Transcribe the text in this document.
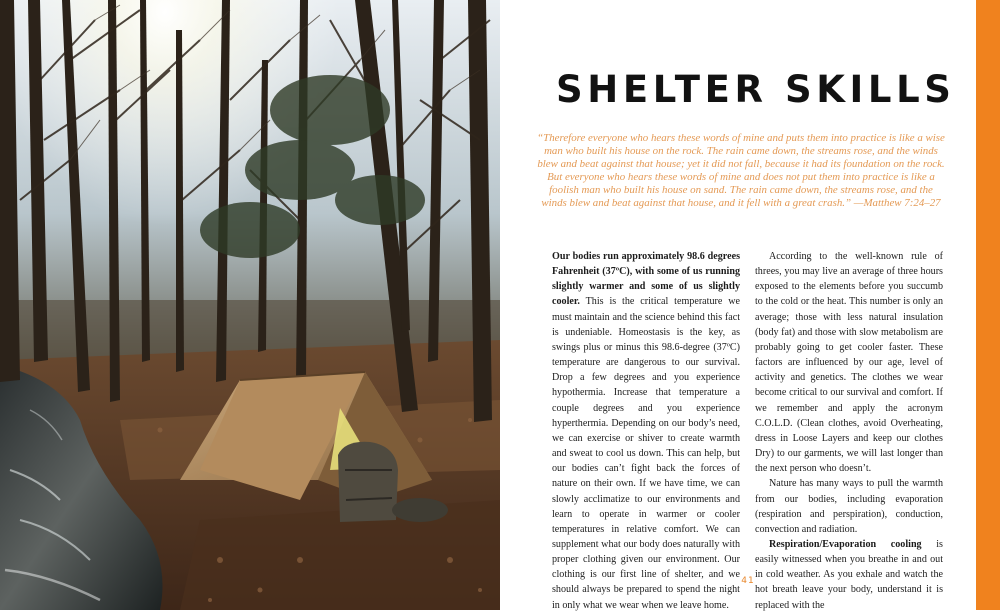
SHELTER SKILLS

“Therefore everyone who hears these words of mine and puts them into practice is like a wise man who built his house on the rock. The rain came down, the streams rose, and the winds blew and beat against that house; yet it did not fall, because it had its foundation on the rock. But everyone who hears these words of mine and does not put them into practice is like a foolish man who built his house on sand. The rain came down, the streams rose, and the winds blew and beat against that house, and it fell with a great crash.” —Matthew 7:24–27

Our bodies run approximately 98.6 degrees Fahrenheit (37ºC), with some of us running slightly warmer and some of us slightly cooler. This is the critical temperature we must maintain and the science behind this fact is undeniable. Homeostasis is the key, as swings plus or minus this 98.6-degree (37ºC) temperature are dangerous to our survival. Drop a few degrees and you experience hypothermia. Increase that temperature a couple degrees and you experience hyperthermia. Depending on our body’s need, we can exercise or shiver to create warmth and sweat to cool us down. This can help, but our bodies can’t fight back the forces of nature on their own. If we have time, we can slowly acclimatize to our environments and learn to operate in warmer or cooler temperatures in relative comfort. We can supplement what our body does naturally with proper clothing given our environment. Our clothing is our first line of shelter, and we should always be prepared to spend the night in only what we wear when we leave home.

According to the well-known rule of threes, you may live an average of three hours exposed to the elements before you succumb to the cold or the heat. This number is only an average; those with less natural insulation (body fat) and those with slow metabolism are probably going to get cooler faster. These factors are influenced by our age, level of activity and genetics. The clothes we wear become critical to our survival and comfort. If we remember and apply the acronym C.O.L.D. (Clean clothes, avoid Overheating, dress in Loose Layers and keep our clothes Dry) to our garments, we will last longer than the next person who doesn’t.

Nature has many ways to pull the warmth from our bodies, including evaporation (respiration and perspiration), conduction, convection and radiation.

Respiration/Evaporation cooling is easily witnessed when you breathe in and out in cold weather. As you exhale and watch the hot breath leave your body, understand it is replaced with the

41
